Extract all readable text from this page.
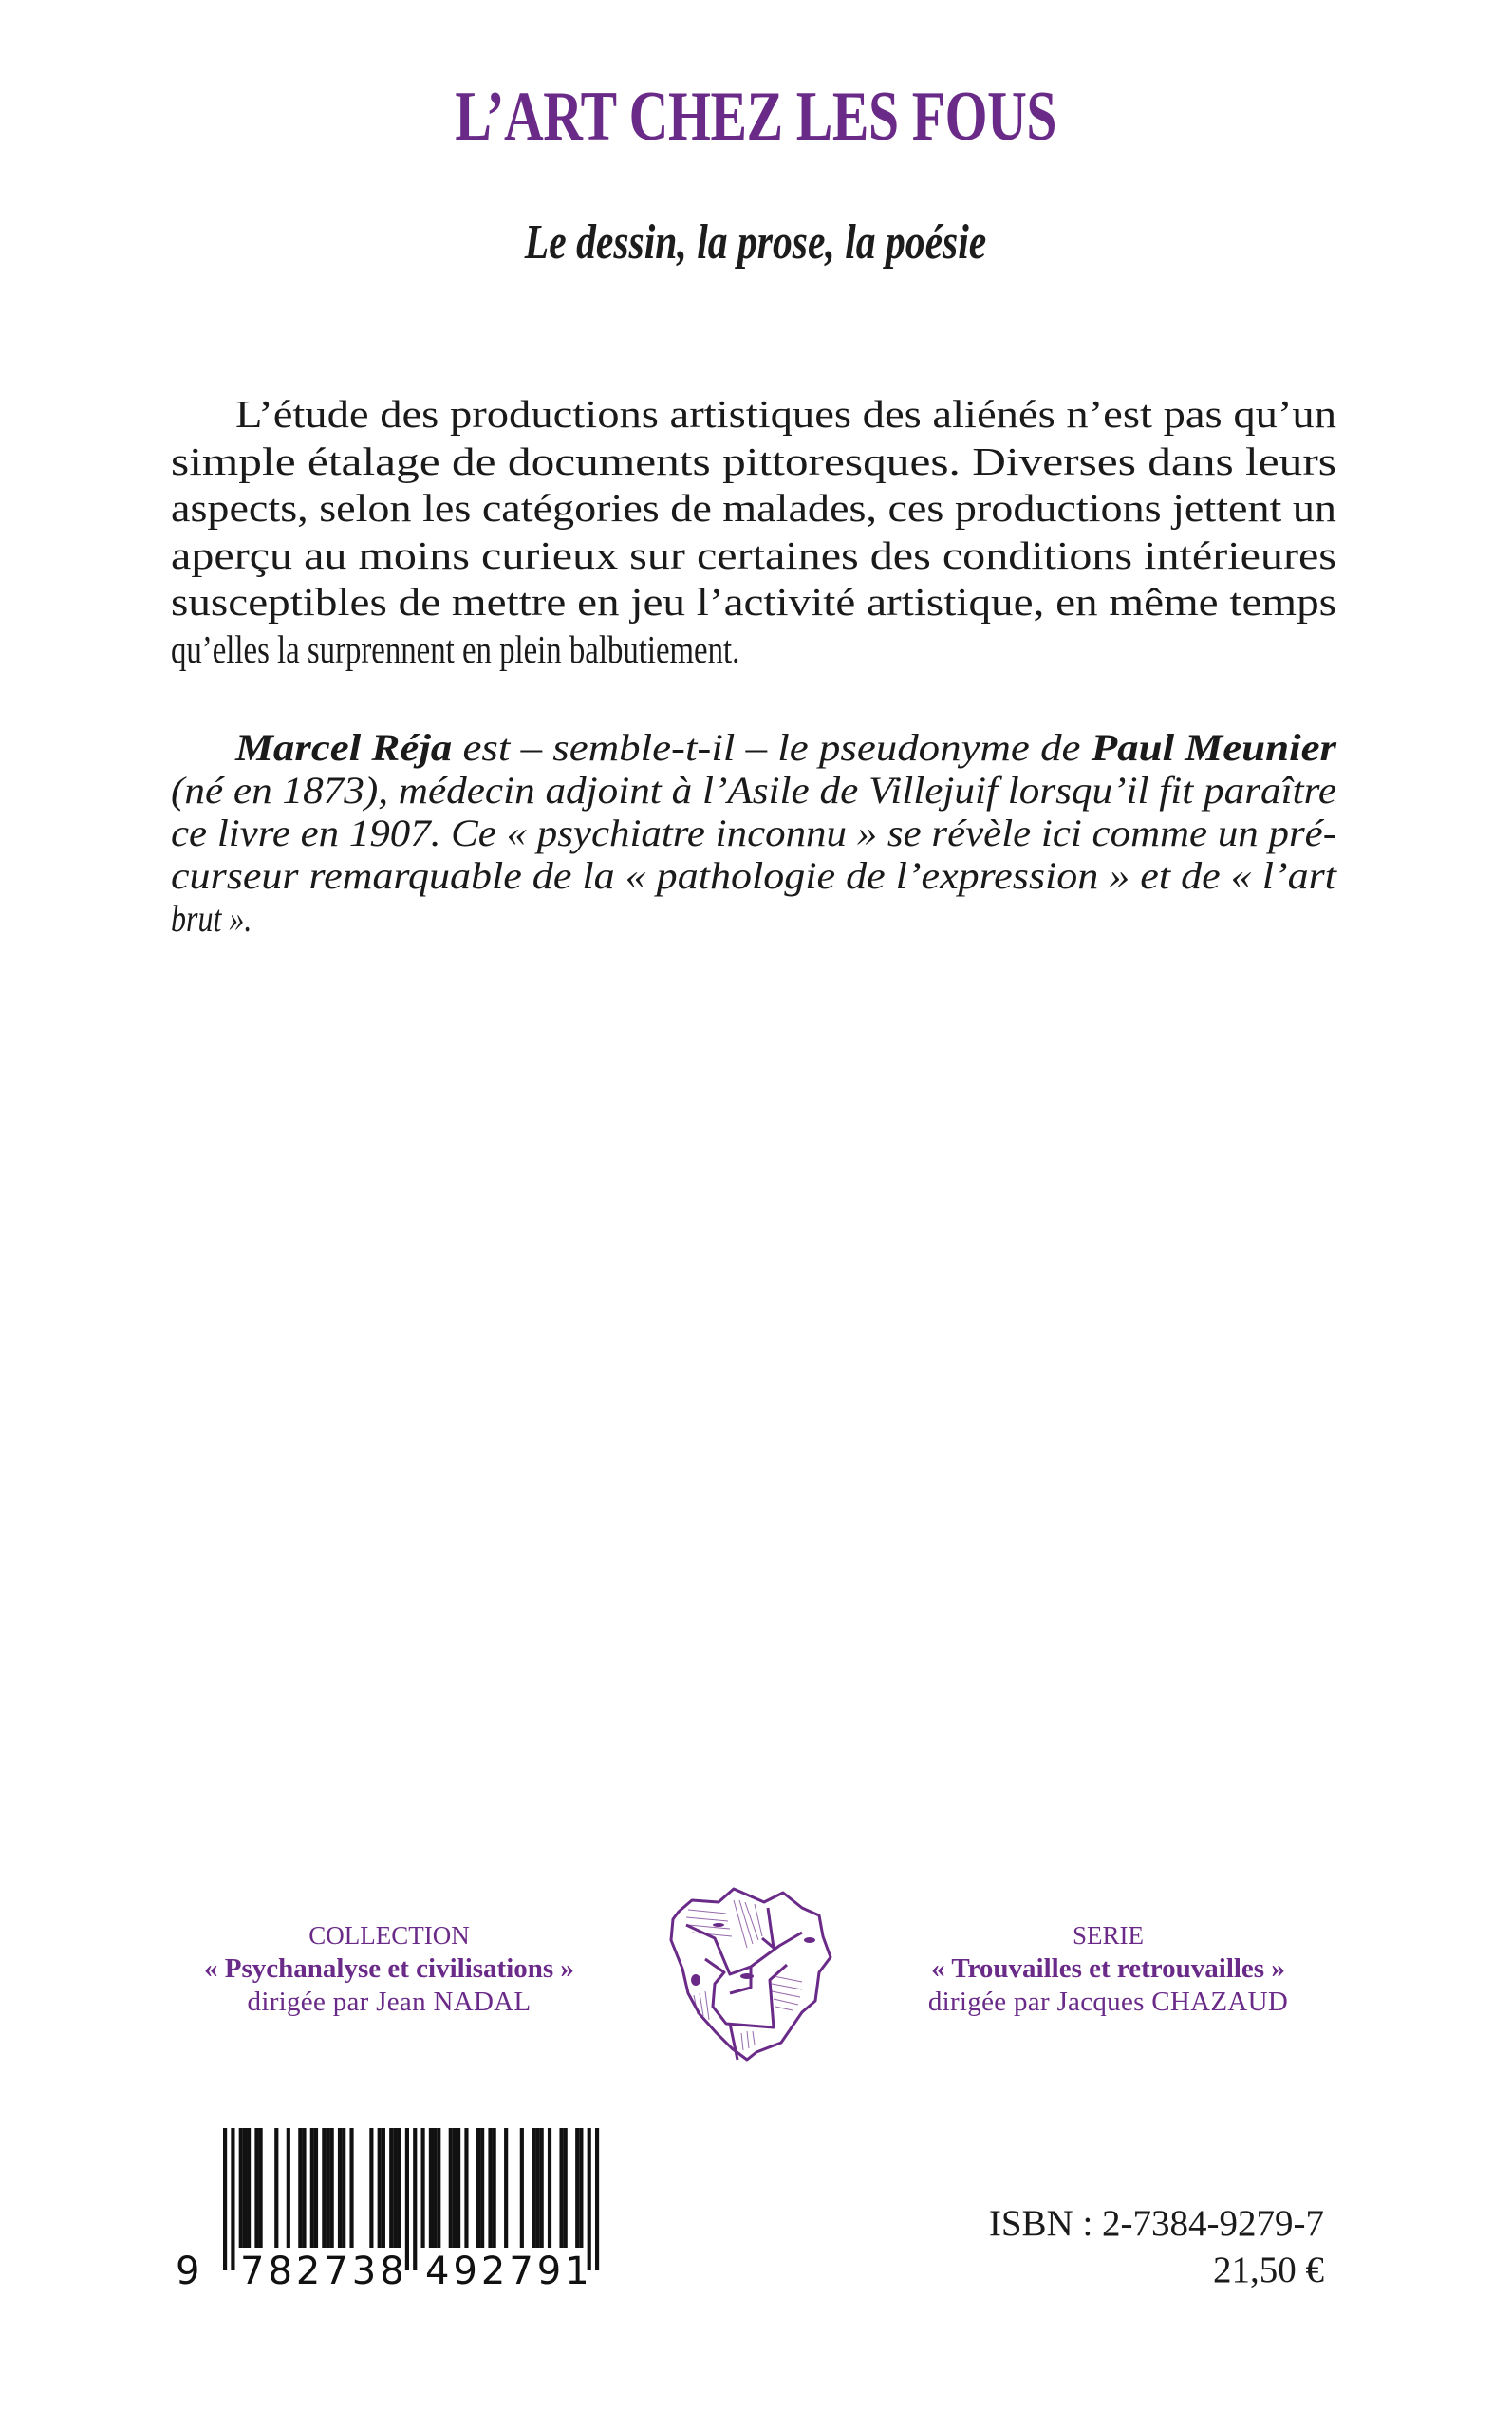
L’ART CHEZ LES FOUS
Le dessin, la prose, la poésie
L’étude des productions artistiques des aliénés n’est pas qu’un
simple étalage de documents pittoresques. Diverses dans leurs
aspects, selon les catégories de malades, ces productions jettent un
aperçu au moins curieux sur certaines des conditions intérieures
susceptibles de mettre en jeu l’activité artistique, en même temps
qu’elles la surprennent en plein balbutiement.
Marcel Réja est – semble-t-il – le pseudonyme de Paul Meunier
(né en 1873), médecin adjoint à l’Asile de Villejuif lorsqu’il fit paraître
ce livre en 1907. Ce « psychiatre inconnu » se révèle ici comme un pré-
curseur remarquable de la « pathologie de l’expression » et de « l’art
brut ».
COLLECTION
« Psychanalyse et civilisations »
dirigée par Jean NADAL
SERIE
« Trouvailles et retrouvailles »
dirigée par Jacques CHAZAUD
9 782738 492791
ISBN : 2-7384-9279-7
21,50 €
